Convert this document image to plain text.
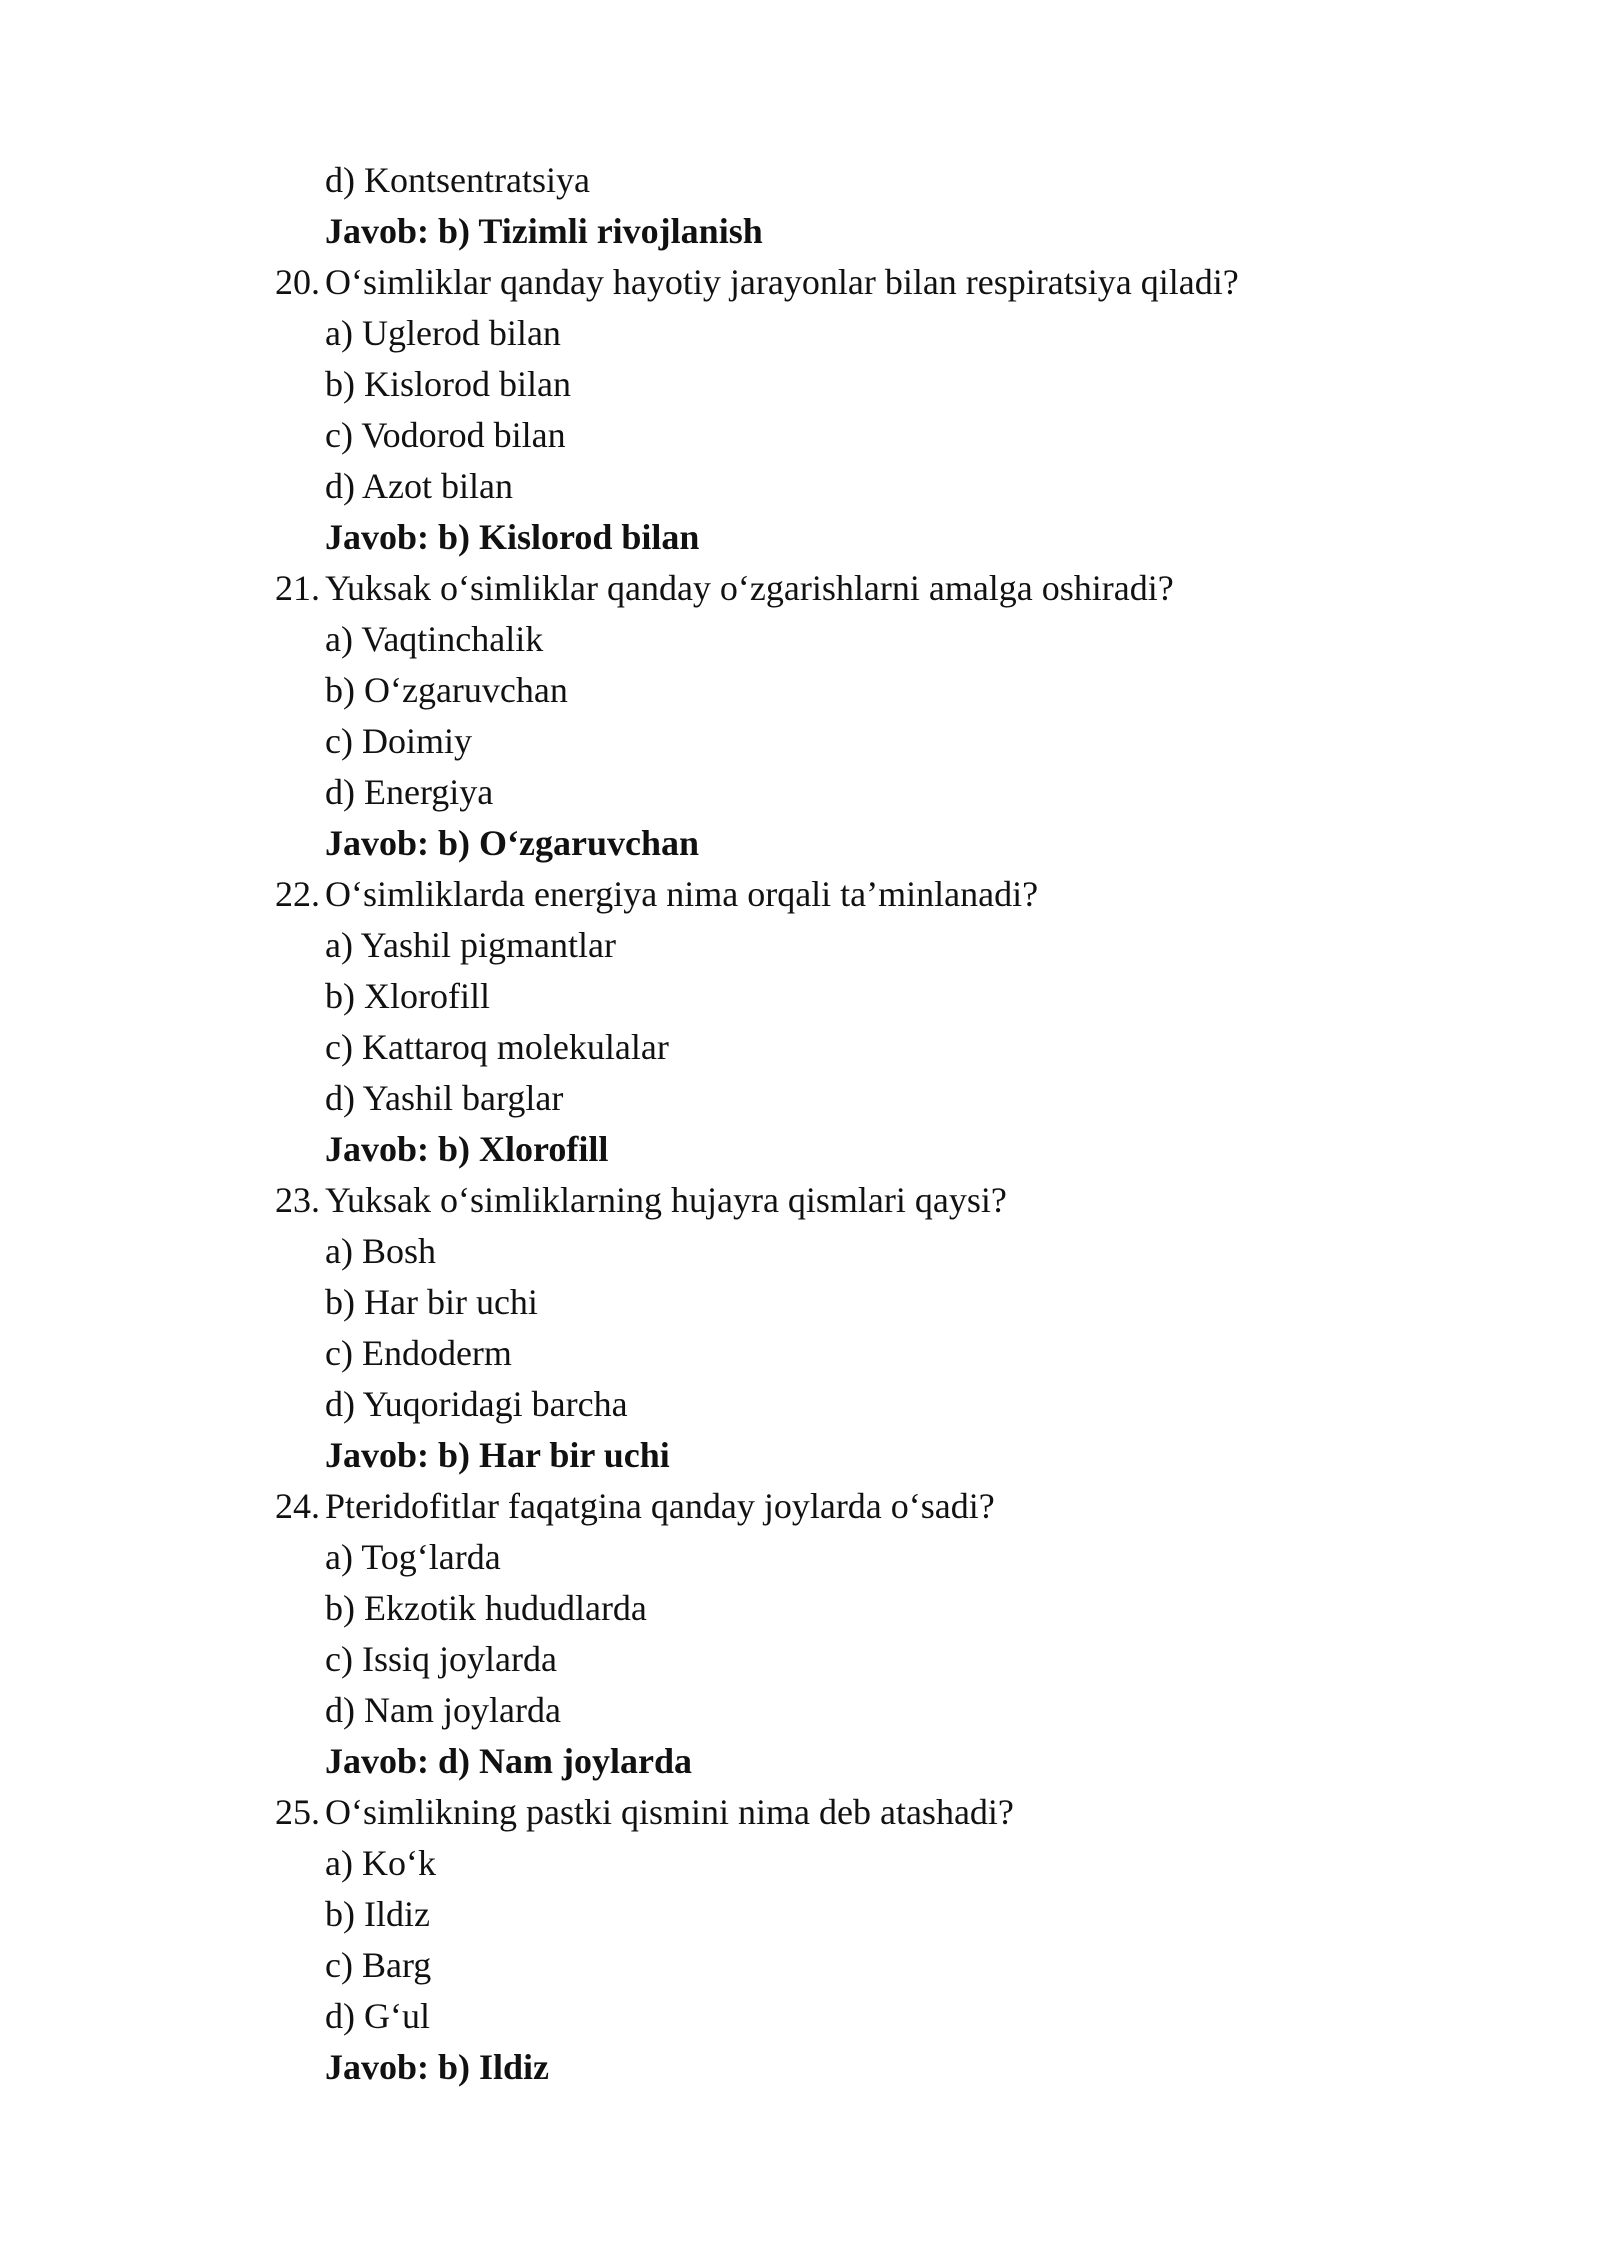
d) Kontsentratsiya
Javob: b) Tizimli rivojlanish
20. O‘simliklar qanday hayotiy jarayonlar bilan respiratsiya qiladi?
a) Uglerod bilan
b) Kislorod bilan
c) Vodorod bilan
d) Azot bilan
Javob: b) Kislorod bilan
21. Yuksak o‘simliklar qanday o‘zgarishlarni amalga oshiradi?
a) Vaqtinchalik
b) O‘zgaruvchan
c) Doimiy
d) Energiya
Javob: b) O‘zgaruvchan
22. O‘simliklarda energiya nima orqali ta’minlanadi?
a) Yashil pigmantlar
b) Xlorofill
c) Kattaroq molekulalar
d) Yashil barglar
Javob: b) Xlorofill
23. Yuksak o‘simliklarning hujayra qismlari qaysi?
a) Bosh
b) Har bir uchi
c) Endoderm
d) Yuqoridagi barcha
Javob: b) Har bir uchi
24. Pteridofitlar faqatgina qanday joylarda o‘sadi?
a) Tog‘larda
b) Ekzotik hududlarda
c) Issiq joylarda
d) Nam joylarda
Javob: d) Nam joylarda
25. O‘simlikning pastki qismini nima deb atashadi?
a) Ko‘k
b) Ildiz
c) Barg
d) G‘ul
Javob: b) Ildiz
